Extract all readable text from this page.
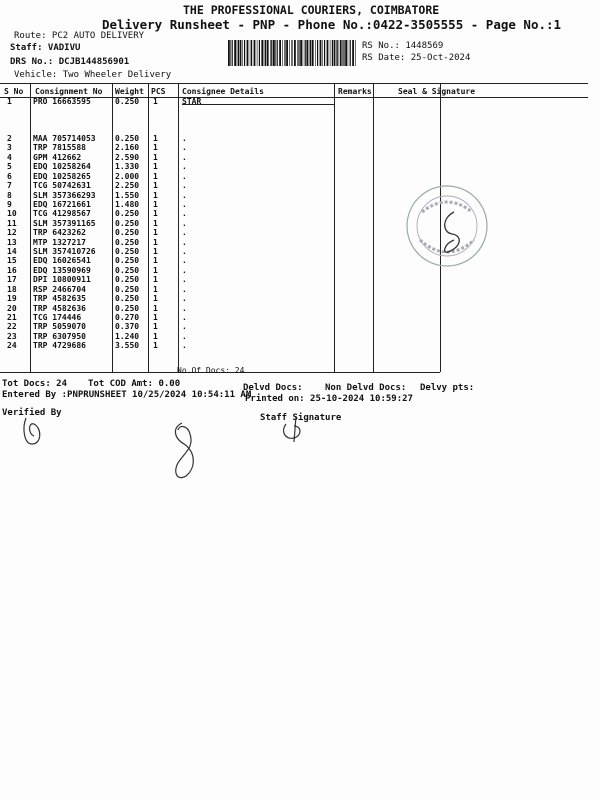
THE PROFESSIONAL COURIERS, COIMBATORE
Delivery Runsheet - PNP - Phone No.:0422-3505555 - Page No.:1
Route: PC2 AUTO DELIVERY
Staff: VADIVU
DRS No.: DCJB144856901
Vehicle: Two Wheeler Delivery
RS No.: 1448569
RS Date: 25-Oct-2024
S No Consignment No Weight PCS Consignee Details	Remarks	Seal & Signature
1	PRO 16663595	0.250 1	STAR
2	MAA 705714053 0.250 1	.
3	TRP 7815588	2.160 1	.
4	GPM 412662	2.590 1	.
5	EDQ 10258264	1.330 1	.
6	EDQ 10258265	2.000 1	.
7	TCG 50742631	2.250 1	.
8	SLM 357366293 1.550 1	.
9	EDQ 16721661	1.480 1	.
10 TCG 41298567	0.250 1	.
11 SLM 357391165 0.250 1	.
12 TRP 6423262	0.250 1	.
13 MTP 1327217	0.250 1	.
14 SLM 357410726 0.250 1	.
15 EDQ 16026541	0.250 1	.
16 EDQ 13590969	0.250 1	.
17 DPI 10800911	0.250 1	.
18 RSP 2466704	0.250 1	.
19 TRP 4582635	0.250 1	.
20 TRP 4582636	0.250 1	.
21 TCG 174446	0.270 1	.
22 TRP 5059070	0.370 1	.
23 TRP 6307950	1.240 1	.
24 TRP 4729686	3.550 1	.
No.Of Docs: 24
Tot Docs: 24 Tot COD Amt: 0.00	Delvd Docs: Non Delvd Docs: Delvy pts:
Entered By :PNPRUNSHEET 10/25/2024 10:54:11 AM
Printed on: 25-10-2024 10:59:27
Verified By	Staff Signature
